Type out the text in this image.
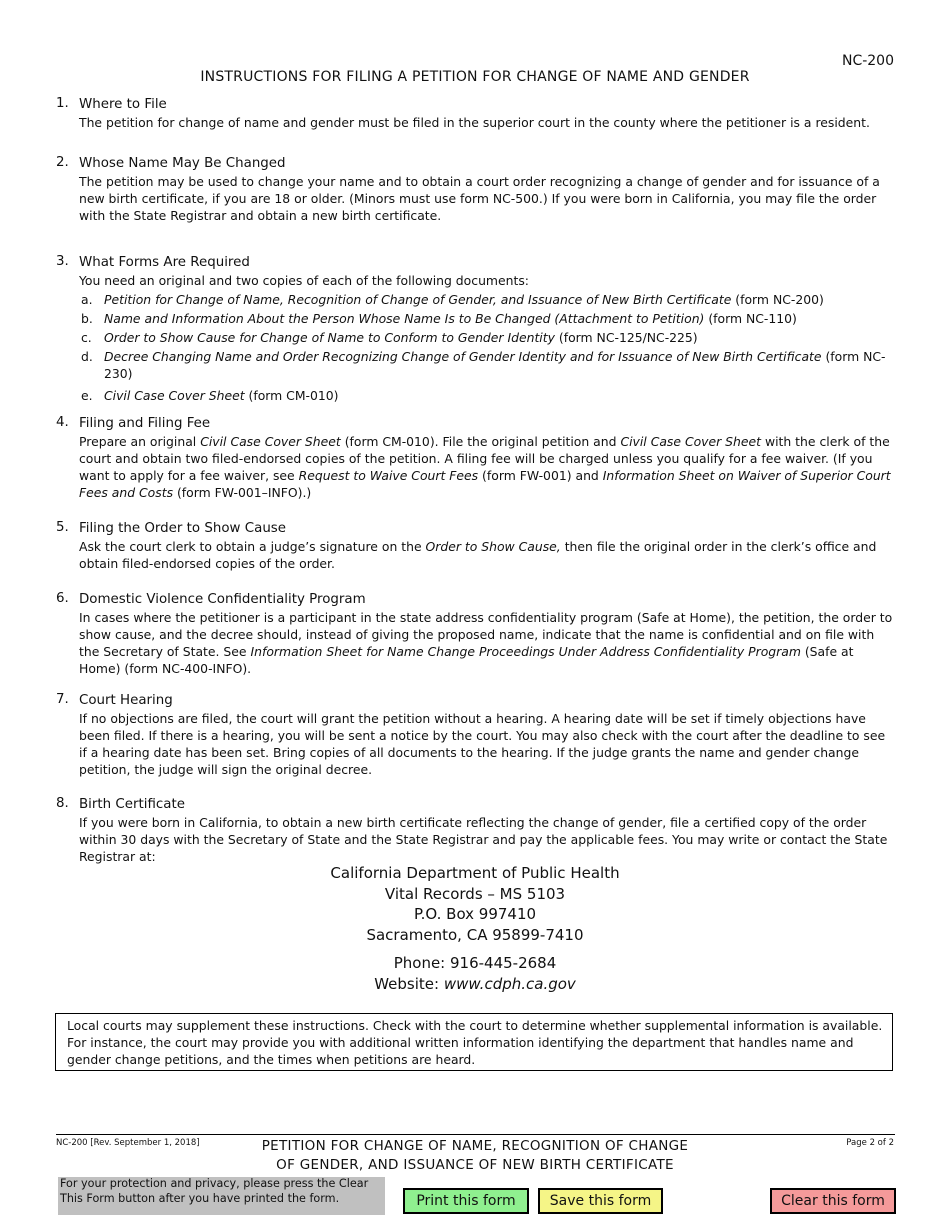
NC-200
INSTRUCTIONS FOR FILING A PETITION FOR CHANGE OF NAME AND GENDER
1. Where to File
The petition for change of name and gender must be filed in the superior court in the county where the petitioner is a resident.
2. Whose Name May Be Changed
The petition may be used to change your name and to obtain a court order recognizing a change of gender and for issuance of a new birth certificate, if you are 18 or older. (Minors must use form NC-500.) If you were born in California, you may file the order with the State Registrar and obtain a new birth certificate.
3. What Forms Are Required
You need an original and two copies of each of the following documents:
a. Petition for Change of Name, Recognition of Change of Gender, and Issuance of New Birth Certificate (form NC-200)
b. Name and Information About the Person Whose Name Is to Be Changed (Attachment to Petition) (form NC-110)
c. Order to Show Cause for Change of Name to Conform to Gender Identity (form NC-125/NC-225)
d. Decree Changing Name and Order Recognizing Change of Gender Identity and for Issuance of New Birth Certificate (form NC-230)
e. Civil Case Cover Sheet (form CM-010)
4. Filing and Filing Fee
Prepare an original Civil Case Cover Sheet (form CM-010). File the original petition and Civil Case Cover Sheet with the clerk of the court and obtain two filed-endorsed copies of the petition. A filing fee will be charged unless you qualify for a fee waiver. (If you want to apply for a fee waiver, see Request to Waive Court Fees (form FW-001) and Information Sheet on Waiver of Superior Court Fees and Costs (form FW-001–INFO).)
5. Filing the Order to Show Cause
Ask the court clerk to obtain a judge’s signature on the Order to Show Cause, then file the original order in the clerk’s office and obtain filed-endorsed copies of the order.
6. Domestic Violence Confidentiality Program
In cases where the petitioner is a participant in the state address confidentiality program (Safe at Home), the petition, the order to show cause, and the decree should, instead of giving the proposed name, indicate that the name is confidential and on file with the Secretary of State. See Information Sheet for Name Change Proceedings Under Address Confidentiality Program (Safe at Home) (form NC-400-INFO).
7. Court Hearing
If no objections are filed, the court will grant the petition without a hearing. A hearing date will be set if timely objections have been filed. If there is a hearing, you will be sent a notice by the court. You may also check with the court after the deadline to see if a hearing date has been set. Bring copies of all documents to the hearing. If the judge grants the name and gender change petition, the judge will sign the original decree.
8. Birth Certificate
If you were born in California, to obtain a new birth certificate reflecting the change of gender, file a certified copy of the order within 30 days with the Secretary of State and the State Registrar and pay the applicable fees. You may write or contact the State Registrar at:
California Department of Public Health
Vital Records – MS 5103
P.O. Box 997410
Sacramento, CA 95899-7410
Phone: 916-445-2684
Website: www.cdph.ca.gov
Local courts may supplement these instructions. Check with the court to determine whether supplemental information is available. For instance, the court may provide you with additional written information identifying the department that handles name and gender change petitions, and the times when petitions are heard.
NC-200 [Rev. September 1, 2018]	PETITION FOR CHANGE OF NAME, RECOGNITION OF CHANGE
OF GENDER, AND ISSUANCE OF NEW BIRTH CERTIFICATE
Page 2 of 2
For your protection and privacy, please press the Clear This Form button after you have printed the form.	Print this form	Save this form	Clear this form
